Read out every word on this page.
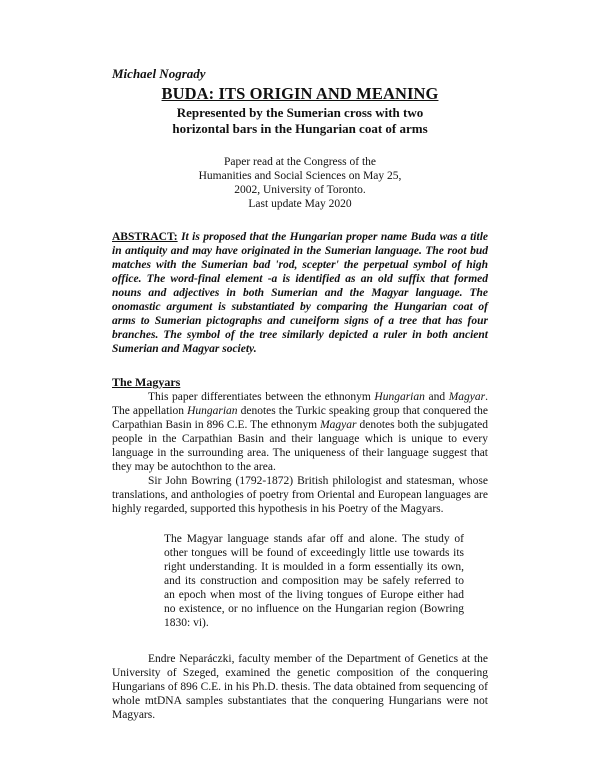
Michael Nogrady

BUDA: ITS ORIGIN AND MEANING

Represented by the Sumerian cross with two
horizontal bars in the Hungarian coat of arms

Paper read at the Congress of the
Humanities and Social Sciences on May 25,
2002, University of Toronto.
Last update May 2020

ABSTRACT: It is proposed that the Hungarian proper name Buda was a title in antiquity and may have originated in the Sumerian language. The root bud matches with the Sumerian bad 'rod, scepter' the perpetual symbol of high office. The word-final element -a is identified as an old suffix that formed nouns and adjectives in both Sumerian and the Magyar language. The onomastic argument is substantiated by comparing the Hungarian coat of arms to Sumerian pictographs and cuneiform signs of a tree that has four branches. The symbol of the tree similarly depicted a ruler in both ancient Sumerian and Magyar society.

The Magyars

This paper differentiates between the ethnonym Hungarian and Magyar. The appellation Hungarian denotes the Turkic speaking group that conquered the Carpathian Basin in 896 C.E. The ethnonym Magyar denotes both the subjugated people in the Carpathian Basin and their language which is unique to every language in the surrounding area. The uniqueness of their language suggest that they may be autochthon to the area.

Sir John Bowring (1792-1872) British philologist and statesman, whose translations, and anthologies of poetry from Oriental and European languages are highly regarded, supported this hypothesis in his Poetry of the Magyars.

The Magyar language stands afar off and alone. The study of other tongues will be found of exceedingly little use towards its right understanding. It is moulded in a form essentially its own, and its construction and composition may be safely referred to an epoch when most of the living tongues of Europe either had no existence, or no influence on the Hungarian region (Bowring 1830: vi).

Endre Neparáczki, faculty member of the Department of Genetics at the University of Szeged, examined the genetic composition of the conquering Hungarians of 896 C.E. in his Ph.D. thesis. The data obtained from sequencing of whole mtDNA samples substantiates that the conquering Hungarians were not Magyars.
